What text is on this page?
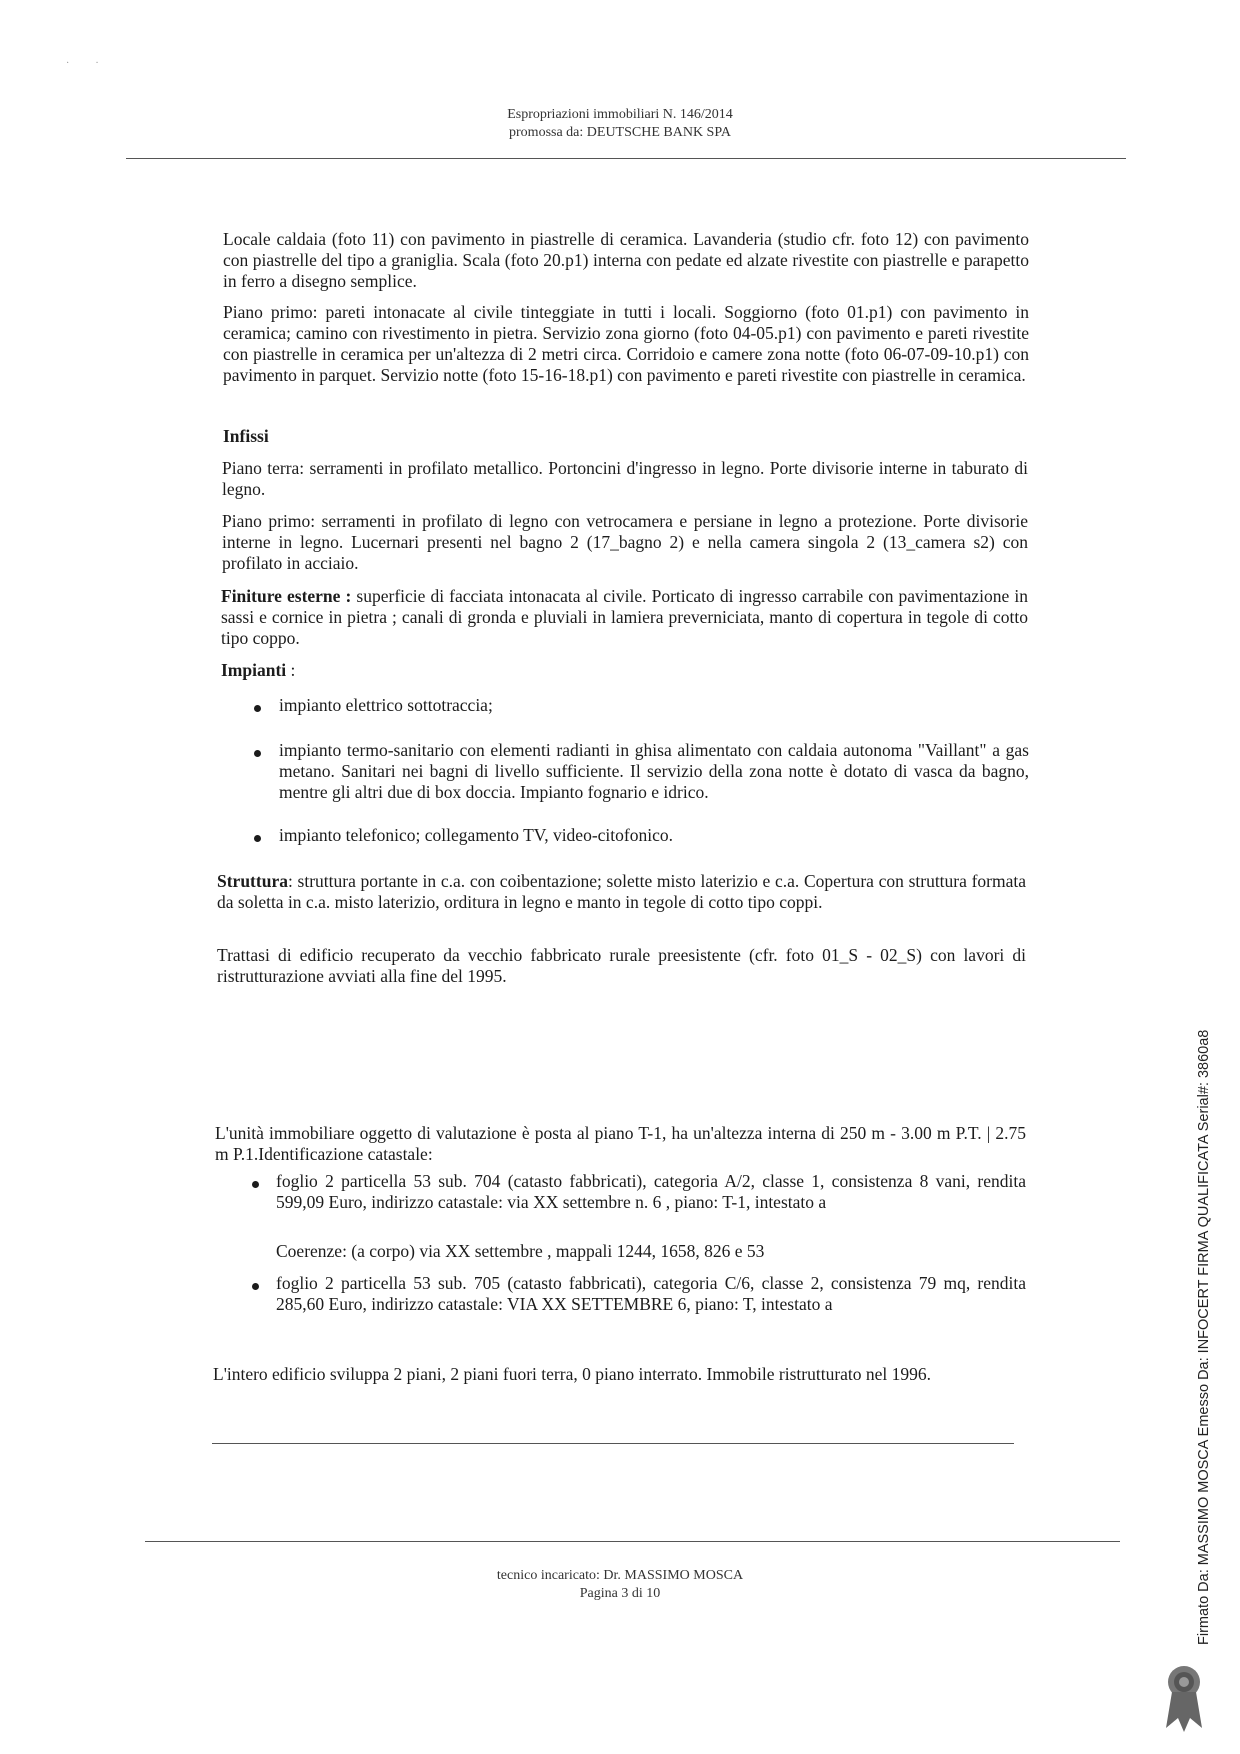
··
Espropriazioni immobiliari N. 146/2014
promossa da: DEUTSCHE BANK SPA

Locale caldaia (foto 11) con pavimento in piastrelle di ceramica. Lavanderia (studio cfr. foto 12) con pavimento con piastrelle del tipo a graniglia. Scala (foto 20.p1) interna con pedate ed alzate rivestite con piastrelle e parapetto in ferro a disegno semplice.

Piano primo: pareti intonacate al civile tinteggiate in tutti i locali. Soggiorno (foto 01.p1) con pavimento in ceramica; camino con rivestimento in pietra. Servizio zona giorno (foto 04-05.p1) con pavimento e pareti rivestite con piastrelle in ceramica per un'altezza di 2 metri circa. Corridoio e camere zona notte (foto 06-07-09-10.p1) con pavimento in parquet. Servizio notte (foto 15-16-18.p1) con pavimento e pareti rivestite con piastrelle in ceramica.

Infissi

Piano terra: serramenti in profilato metallico. Portoncini d'ingresso in legno. Porte divisorie interne in taburato di legno.

Piano primo: serramenti in profilato di legno con vetrocamera e persiane in legno a protezione. Porte divisorie interne in legno. Lucernari presenti nel bagno 2 (17_bagno 2) e nella camera singola 2 (13_camera s2) con profilato in acciaio.

Finiture esterne : superficie di facciata intonacata al civile. Porticato di ingresso carrabile con pavimentazione in sassi e cornice in pietra ; canali di gronda e pluviali in lamiera preverniciata, manto di copertura in tegole di cotto tipo coppo.

Impianti :
impianto elettrico sottotraccia;
impianto termo-sanitario con elementi radianti in ghisa alimentato con caldaia autonoma "Vaillant" a gas metano. Sanitari nei bagni di livello sufficiente. Il servizio della zona notte è dotato di vasca da bagno, mentre gli altri due di box doccia. Impianto fognario e idrico.
impianto telefonico; collegamento TV, video-citofonico.

Struttura: struttura portante in c.a. con coibentazione; solette misto laterizio e c.a. Copertura con struttura formata da soletta in c.a. misto laterizio, orditura in legno e manto in tegole di cotto tipo coppi.

Trattasi di edificio recuperato da vecchio fabbricato rurale preesistente (cfr. foto 01_S - 02_S) con lavori di ristrutturazione avviati alla fine del 1995.

L'unità immobiliare oggetto di valutazione è posta al piano T-1, ha un'altezza interna di 250 m - 3.00 m P.T. | 2.75 m P.1.Identificazione catastale:

foglio 2 particella 53 sub. 704 (catasto fabbricati), categoria A/2, classe 1, consistenza 8 vani, rendita 599,09 Euro, indirizzo catastale: via XX settembre n. 6 , piano: T-1, intestato a
Coerenze: (a corpo) via XX settembre , mappali 1244, 1658, 826 e 53
foglio 2 particella 53 sub. 705 (catasto fabbricati), categoria C/6, classe 2, consistenza 79 mq, rendita 285,60 Euro, indirizzo catastale: VIA XX SETTEMBRE 6, piano: T, intestato a

L'intero edificio sviluppa 2 piani, 2 piani fuori terra, 0 piano interrato. Immobile ristrutturato nel 1996.

tecnico incaricato: Dr. MASSIMO MOSCA
Pagina 3 di 10	Firmato Da: MASSIMO MOSCA Emesso Da: INFOCERT FIRMA QUALIFICATA Serial#: 3860a8
